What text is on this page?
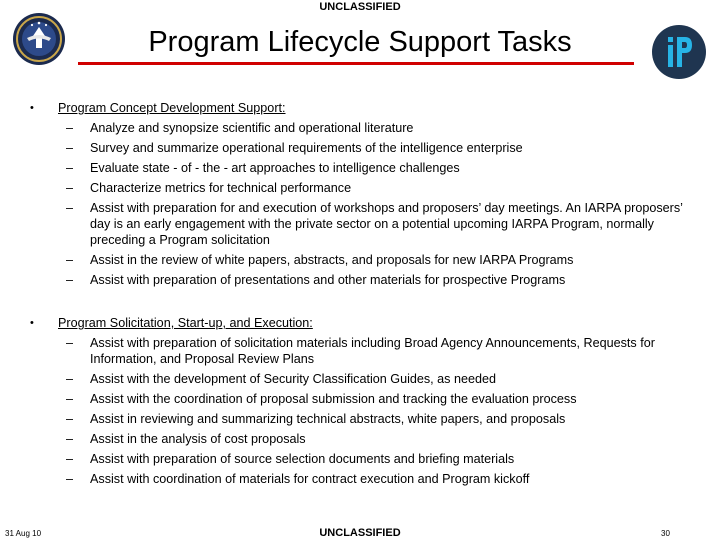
UNCLASSIFIED
Program Lifecycle Support Tasks
• Program Concept Development Support:
– Analyze and synopsize scientific and operational literature
– Survey and summarize operational requirements of the intelligence enterprise
– Evaluate state - of - the - art approaches to intelligence challenges
– Characterize metrics for technical performance
– Assist with preparation for and execution of workshops and proposers’ day meetings. An IARPA proposers’ day is an early engagement with the private sector on a potential upcoming IARPA Program, normally preceding a Program solicitation
– Assist in the review of white papers, abstracts, and proposals for new IARPA Programs
– Assist with preparation of presentations and other materials for prospective Programs
• Program Solicitation, Start-up, and Execution:
– Assist with preparation of solicitation materials including Broad Agency Announcements, Requests for Information, and Proposal Review Plans
– Assist with the development of Security Classification Guides, as needed
– Assist with the coordination of proposal submission and tracking the evaluation process
– Assist in reviewing and summarizing technical abstracts, white papers, and proposals
– Assist in the analysis of cost proposals
– Assist with preparation of source selection documents and briefing materials
– Assist with coordination of materials for contract execution and Program kickoff
31 Aug 10	UNCLASSIFIED	30
